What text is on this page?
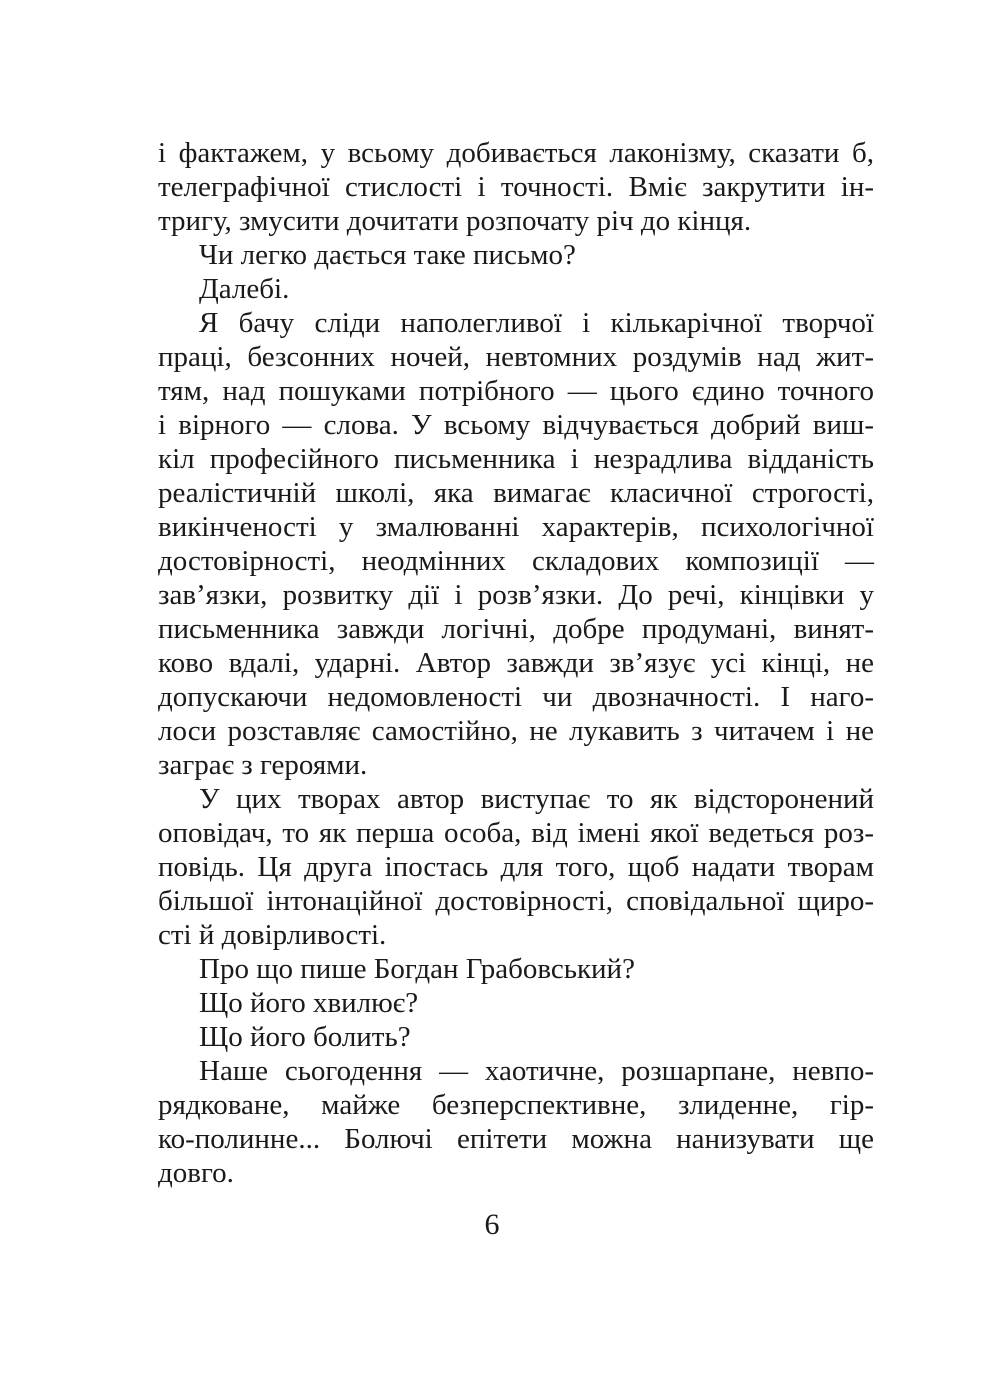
і фактажем, у всьому добивається лаконізму, сказати б,
телеграфічної стислості і точності. Вміє закрутити ін-
тригу, змусити дочитати розпочату річ до кінця.
Чи легко дається таке письмо?
Далебі.
Я бачу сліди наполегливої і кількарічної творчої
праці, безсонних ночей, невтомних роздумів над жит-
тям, над пошуками потрібного — цього єдино точного
і вірного — слова. У всьому відчувається добрий виш-
кіл професійного письменника і незрадлива відданість
реалістичній школі, яка вимагає класичної строгості,
викінченості у змалюванні характерів, психологічної
достовірності, неодмінних складових композиції —
зав’язки, розвитку дії і розв’язки. До речі, кінцівки у
письменника завжди логічні, добре продумані, винят-
ково вдалі, ударні. Автор завжди зв’язує усі кінці, не
допускаючи недомовленості чи двозначності. І наго-
лоси розставляє самостійно, не лукавить з читачем і не
заграє з героями.
У цих творах автор виступає то як відсторонений
оповідач, то як перша особа, від імені якої ведеться роз-
повідь. Ця друга іпостась для того, щоб надати творам
більшої інтонаційної достовірності, сповідальної щиро-
сті й довірливості.
Про що пише Богдан Грабовський?
Що його хвилює?
Що його болить?
Наше сьогодення — хаотичне, розшарпане, невпо-
рядковане, майже безперспективне, злиденне, гір-
ко-полинне... Болючі епітети можна нанизувати ще
довго.
6
